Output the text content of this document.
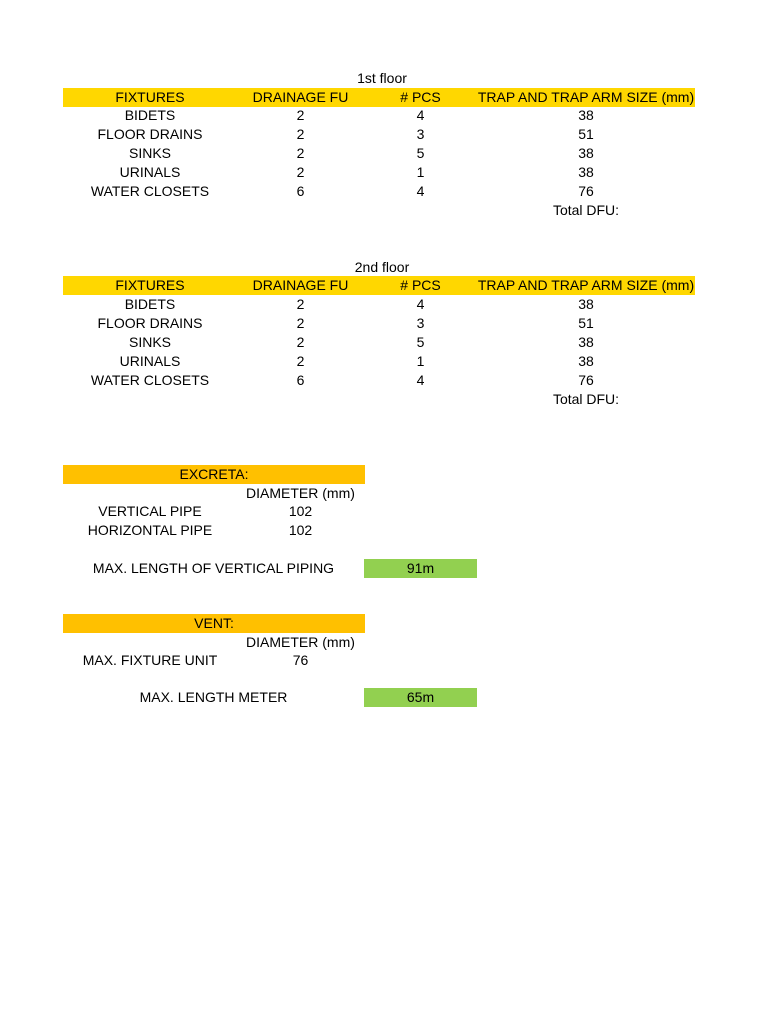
1st floor
FIXTURES	DRAINAGE FU	# PCS	TRAP AND TRAP ARM SIZE (mm)
BIDETS	2	4	38
FLOOR DRAINS	2	3	51
SINKS	2	5	38
URINALS	2	1	38
WATER CLOSETS	6	4	76
Total DFU:
2nd floor
FIXTURES	DRAINAGE FU	# PCS	TRAP AND TRAP ARM SIZE (mm)
BIDETS	2	4	38
FLOOR DRAINS	2	3	51
SINKS	2	5	38
URINALS	2	1	38
WATER CLOSETS	6	4	76
Total DFU:
EXCRETA:
DIAMETER (mm)
VERTICAL PIPE	102
HORIZONTAL PIPE	102
MAX. LENGTH OF VERTICAL PIPING	91m
VENT:
DIAMETER (mm)
MAX. FIXTURE UNIT	76
MAX. LENGTH METER	65m
